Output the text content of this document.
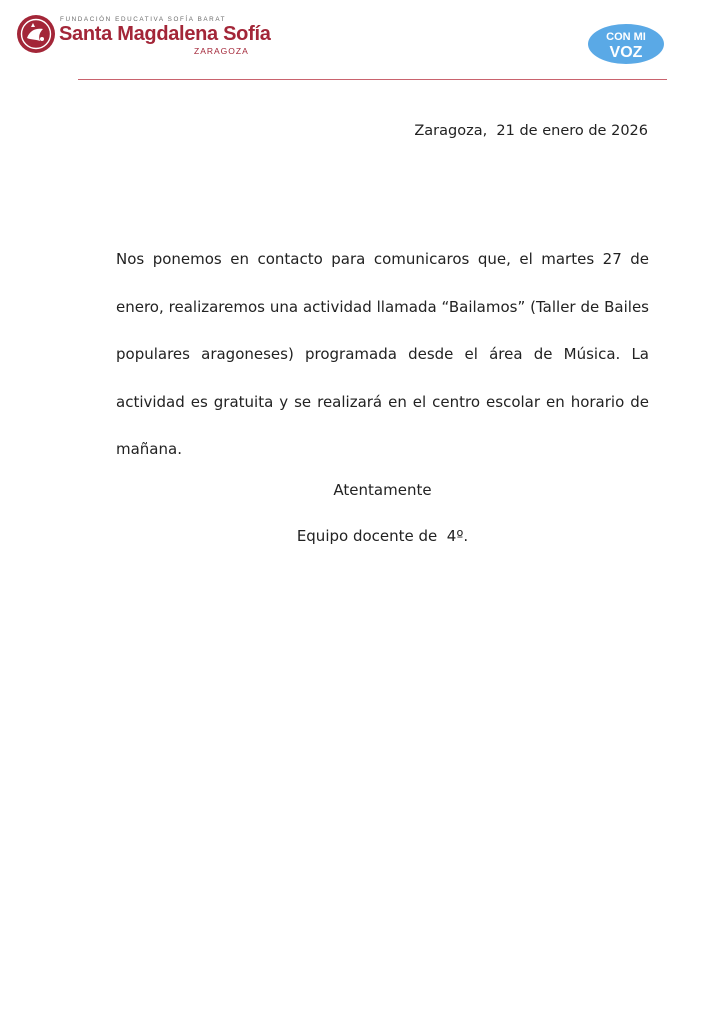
FUNDACIÓN EDUCATIVA SOFÍA BARAT
Santa Magdalena Sofía
ZARAGOZA
CON MI
VOZ
Zaragoza,  21 de enero de 2026

Nos ponemos en contacto para comunicaros que, el martes 27 de enero, realizaremos una actividad llamada “Bailamos” (Taller de Bailes populares aragoneses) programada desde el área de Música. La actividad es gratuita y se realizará en el centro escolar en horario de mañana.

Atentamente
Equipo docente de  4º.
